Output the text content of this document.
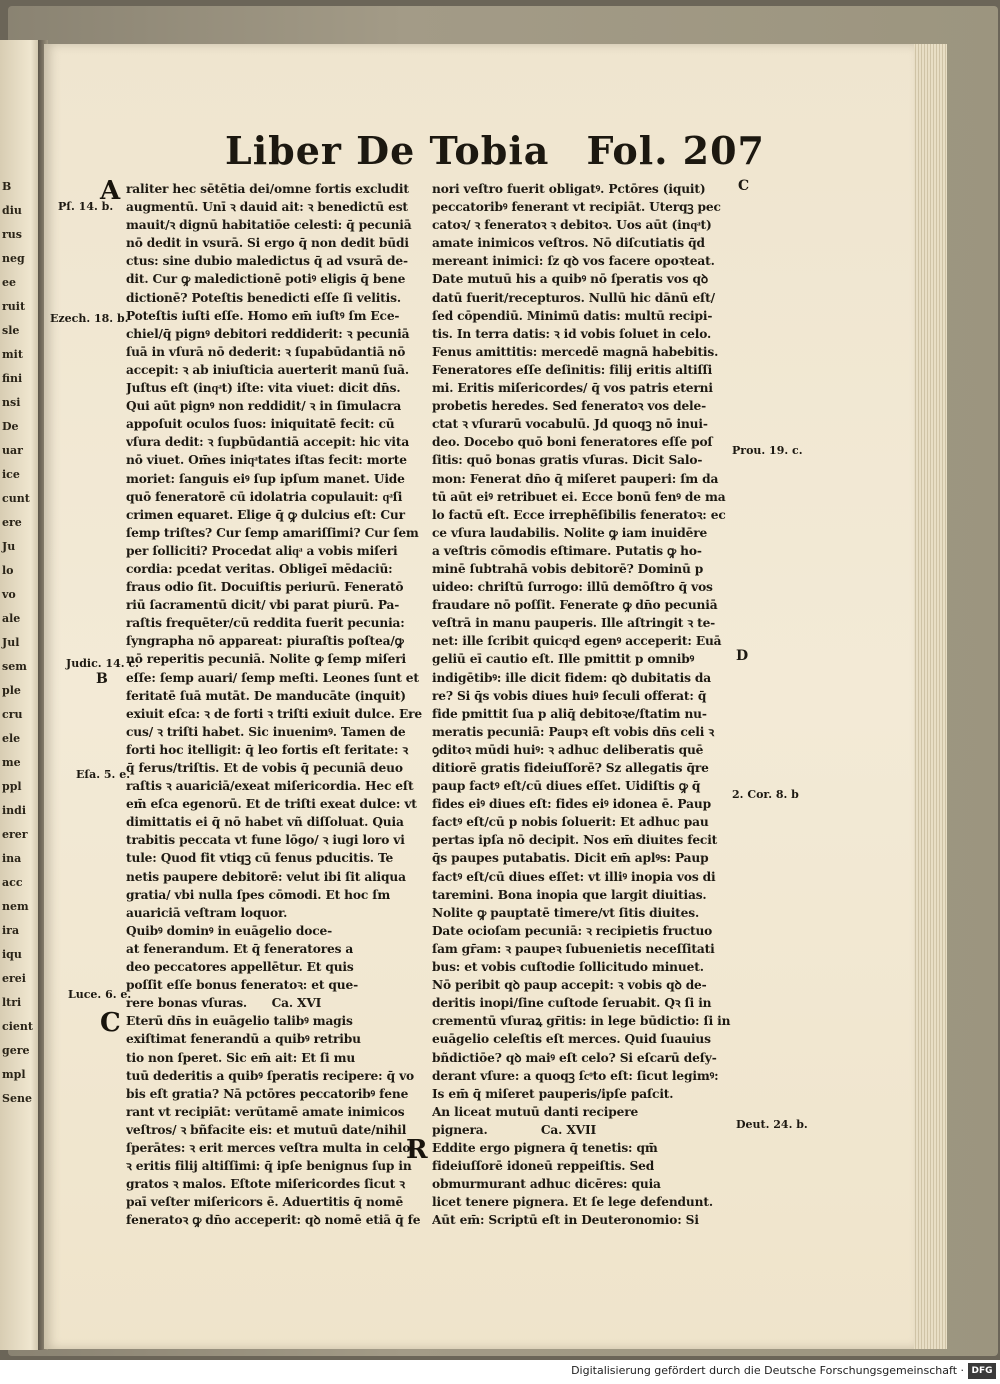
B
diu
rus
neg
ee
ruit
sle
mit
fini
nsi
De
uar
ice
cunt
ere
Ju
lo
vo
ale
Jul
sem
ple
cru
ele
me
ppl
indi
erer
ina
acc
nem
ira
iqu
erei
ltri
cient
gere
mpl
Sene
Liber De Tobia Fol. 207
A raliter hec sētētia dei/omne fortis excludit
augmentū. Unī ꝛ dauid ait: ꝛ benedictū est
mauit/ꝛ dignū habitatiōe celesti: q̄ pecuniā
nō dedit in vsurā. Si ergo q̄ non dedit būdi
ctus: sine dubio maledictus q̄ ad vsurā de-
dit. Cur ꝙ maledictionē potiꝰ eligis q̄ bene
dictionē? Poteſtis benedicti eſſe ſi velitis.
Poteſtis iuſti eſſe. Homo em̄ iuſtꝰ ſm Ece-
chiel/q̄ pignꝰ debitori reddiderit: ꝛ pecuniā
ſuā in vſurā nō dederit: ꝛ ſupabūdantiā nō
accepit: ꝛ ab iniuſticia auerterit manū ſuā.
Juſtus eſt (inqͣt) iſte: vita viuet: dicit dn̄s.
Qui aūt pignꝰ non reddidit/ ꝛ in ſimulacra
appoſuit oculos ſuos: iniquitatē fecit: cū
vſura dedit: ꝛ ſupbūdantiā accepit: hic vita
nō viuet. Om̄es iniqͣtates iſtas fecit: morte
moriet: ſanguis eiꝰ ſup ipſum manet. Uide
quō feneratorē cū idolatria copulauit: qͣſi
crimen equaret. Elige q̄ ꝙ dulcius eſt: Cur
ſemp triſtes? Cur ſemp amariſſimi? Cur ſem
per ſolliciti? Procedat aliqͣ a vobis miſeri
cordia: pcedat veritas. Obligeī mēdaciū:
fraus odio ſit. Docuiſtis periurū. Feneratō
riū ſacramentū dicit/ vbi parat piurū. Pa-
raſtis frequēter/cū reddita fuerit pecunia:
ſyngrapha nō appareat: piuraſtis poſtea/ꝙ
nō reperitis pecuniā. Nolite ꝙ ſemp miſeri
eſſe: ſemp auari/ ſemp meſti. Leones ſunt et
feritatē ſuā mutāt. De manducāte (inquit)
exiuit eſca: ꝛ de forti ꝛ triſti exiuit dulce. Ere
cus/ ꝛ triſti habet. Sic inuenimꝰ. Tamen de
forti hoc itelligit: q̄ leo fortis eſt feritate: ꝛ
q̄ ferus/triſtis. Et de vobis q̄ pecuniā deuo
raſtis ꝛ auariciā/exeat miſericordia. Hec eſt
em̄ eſca egenorū. Et de triſti exeat dulce: vt
dimittatis ei q̄ nō habet vñ diſſoluat. Quia
trabitis peccata vt fune lōgo/ ꝛ iugi loro vi
tule: Quod fit vtiqꝫ cū fenus pducitis. Te
netis paupere debitorē: velut ibi ſit aliqua
gratia/ vbi nulla ſpes cōmodi. Et hoc ſm
auariciā veſtram loquor.
Quibꝰ dominꝰ in euāgelio doce-
at fenerandum. Et q̄ feneratores a
deo peccatores appellētur. Et quis
poſſit eſſe bonus feneratoꝛ: et que-
rere bonas vſuras.      Ca. XVI
C Eterū dn̄s in euāgelio talibꝰ magis
exiſtimat fenerandū a quibꝰ retribu
tio non ſperet. Sic em̄ ait: Et ſi mu
tuū dederitis a quibꝰ ſperatis recipere: q̄ vo
bis eſt gratia? Nā pctōres peccatoribꝰ fene
rant vt recipiāt: verūtamē amate inimicos
veſtros/ ꝛ bñfacite eis: et mutuū date/nihil
ſperātes: ꝛ erit merces veſtra multa in celo:
ꝛ eritis filij altiſſimi: q̄ ipſe benignus ſup in
gratos ꝛ malos. Eſtote miſericordes ſicut ꝛ
paī veſter miſericors ē. Aduertitis q̄ nomē
feneratoꝛ ꝙ dn̄o acceperit: qꝺ nomē etiā q̄ fe
nori veſtro fuerit obligatꝰ. Pctōres (iquit)
peccatoribꝰ fenerant vt recipiāt. Uterqꝫ pec
catoꝛ/ ꝛ feneratoꝛ ꝛ debitoꝛ. Uos aūt (inqͣt)
amate inimicos veſtros. Nō diſcutiatis q̄d
mereant inimici: ſz qꝺ vos facere opoꝛteat.
Date mutuū his a quibꝰ nō ſperatis vos qꝺ
datū fuerit/recepturos. Nullū hic dānū eſt/
ſed cōpendiū. Minimū datis: multū recipi-
tis. In terra datis: ꝛ id vobis ſoluet in celo.
Fenus amittitis: mercedē magnā habebitis.
Feneratores eſſe deſinitis: filij eritis altiſſi
mi. Eritis miſericordes/ q̄ vos patris eterni
probetis heredes. Sed feneratoꝛ vos dele-
ctat ꝛ vſurarū vocabulū. Jd quoqꝫ nō inui-
deo. Docebo quō boni feneratores eſſe poſ
ſitis: quō bonas gratis vſuras. Dicit Salo-
mon: Fenerat dn̄o q̄ miſeret pauperi: ſm da
tū aūt eiꝰ retribuet ei. Ecce bonū fenꝰ de ma
lo factū eſt. Ecce irrephēſibilis feneratoꝛ: ec
ce vſura laudabilis. Nolite ꝙ iam inuidēre
a veſtris cōmodis eſtimare. Putatis ꝙ ho-
minē ſubtrahā vobis debitorē? Dominū p
uideo: chriſtū ſurrogo: illū demōſtro q̄ vos
fraudare nō poſſit. Fenerate ꝙ dn̄o pecuniā
veſtrā in manu pauperis. Ille aſtringit ꝛ te-
net: ille ſcribit quicqͣd egenꝰ acceperit: Euā
geliū eī cautio eſt. Ille pmittit p omnibꝰ
indigētibꝰ: ille dicit fidem: qꝺ dubitatis da
re? Si q̄s vobis diues huiꝰ ſeculi offerat: q̄
fide pmittit ſua p aliq̄ debitoꝛe/ſtatim nu-
meratis pecuniā: Paupꝛ eſt vobis dn̄s celi ꝛ
ꝯditoꝛ mūdi huiꝰ: ꝛ adhuc deliberatis quē
ditiorē gratis fideiuſſorē? Sz allegatis q̄re
paup factꝰ eſt/cū diues eſſet. Uidiſtis ꝙ q̄
fides eiꝰ diues eſt: fides eiꝰ idonea ē. Paup
factꝰ eſt/cū p nobis ſoluerit: Et adhuc pau
pertas ipſa nō decipit. Nos em̄ diuites fecit
q̄s paupes putabatis. Dicit em̄ aplꝰs: Paup
factꝰ eſt/cū diues eſſet: vt illiꝰ inopia vos di
taremini. Bona inopia que largit diuitias.
Nolite ꝙ pauptatē timere/vt ſitis diuites.
Date ocioſam pecuniā: ꝛ recipietis fructuo
ſam gr̄am: ꝛ paupeꝛ ſubuenietis neceſſitati
bus: et vobis cuſtodie ſollicitudo minuet.
Nō peribit qꝺ paup accepit: ꝛ vobis qꝺ de-
deritis inopi/ſine cuſtode ſeruabit. Qꝛ ſi in
crementū vſuraꝝ gr̄itis: in lege būdictio: ſi in
euāgelio celeſtis eſt merces. Quid ſuauius
bñdictiōe? qꝺ maiꝰ eſt celo? Si eſcarū deſy-
derant vſure: a quoqꝫ ſcͦto eſt: ſicut legimꝰ:
Is em̄ q̄ miſeret pauperis/ipſe paſcit.
An liceat mutuū danti recipere
pignera.             Ca. XVII
R Eddite ergo pignera q̄ tenetis: qm̄
fideiuſſorē idoneū reppeiſtis. Sed
obmurmurant adhuc dicēres: quia
licet tenere pignera. Et ſe lege defendunt.
Aūt em̄: Scriptū eſt in Deuteronomio: Si
Pſ. 14. b.
Ezech. 18. b.
Judic. 14. c.
B
Eſa. 5. e.
Luce. 6. e.
C
Prou. 19. c.
D
2. Cor. 8. b
Deut. 24. b.
Digitalisierung gefördert durch die Deutsche Forschungsgemeinschaft · DFG
